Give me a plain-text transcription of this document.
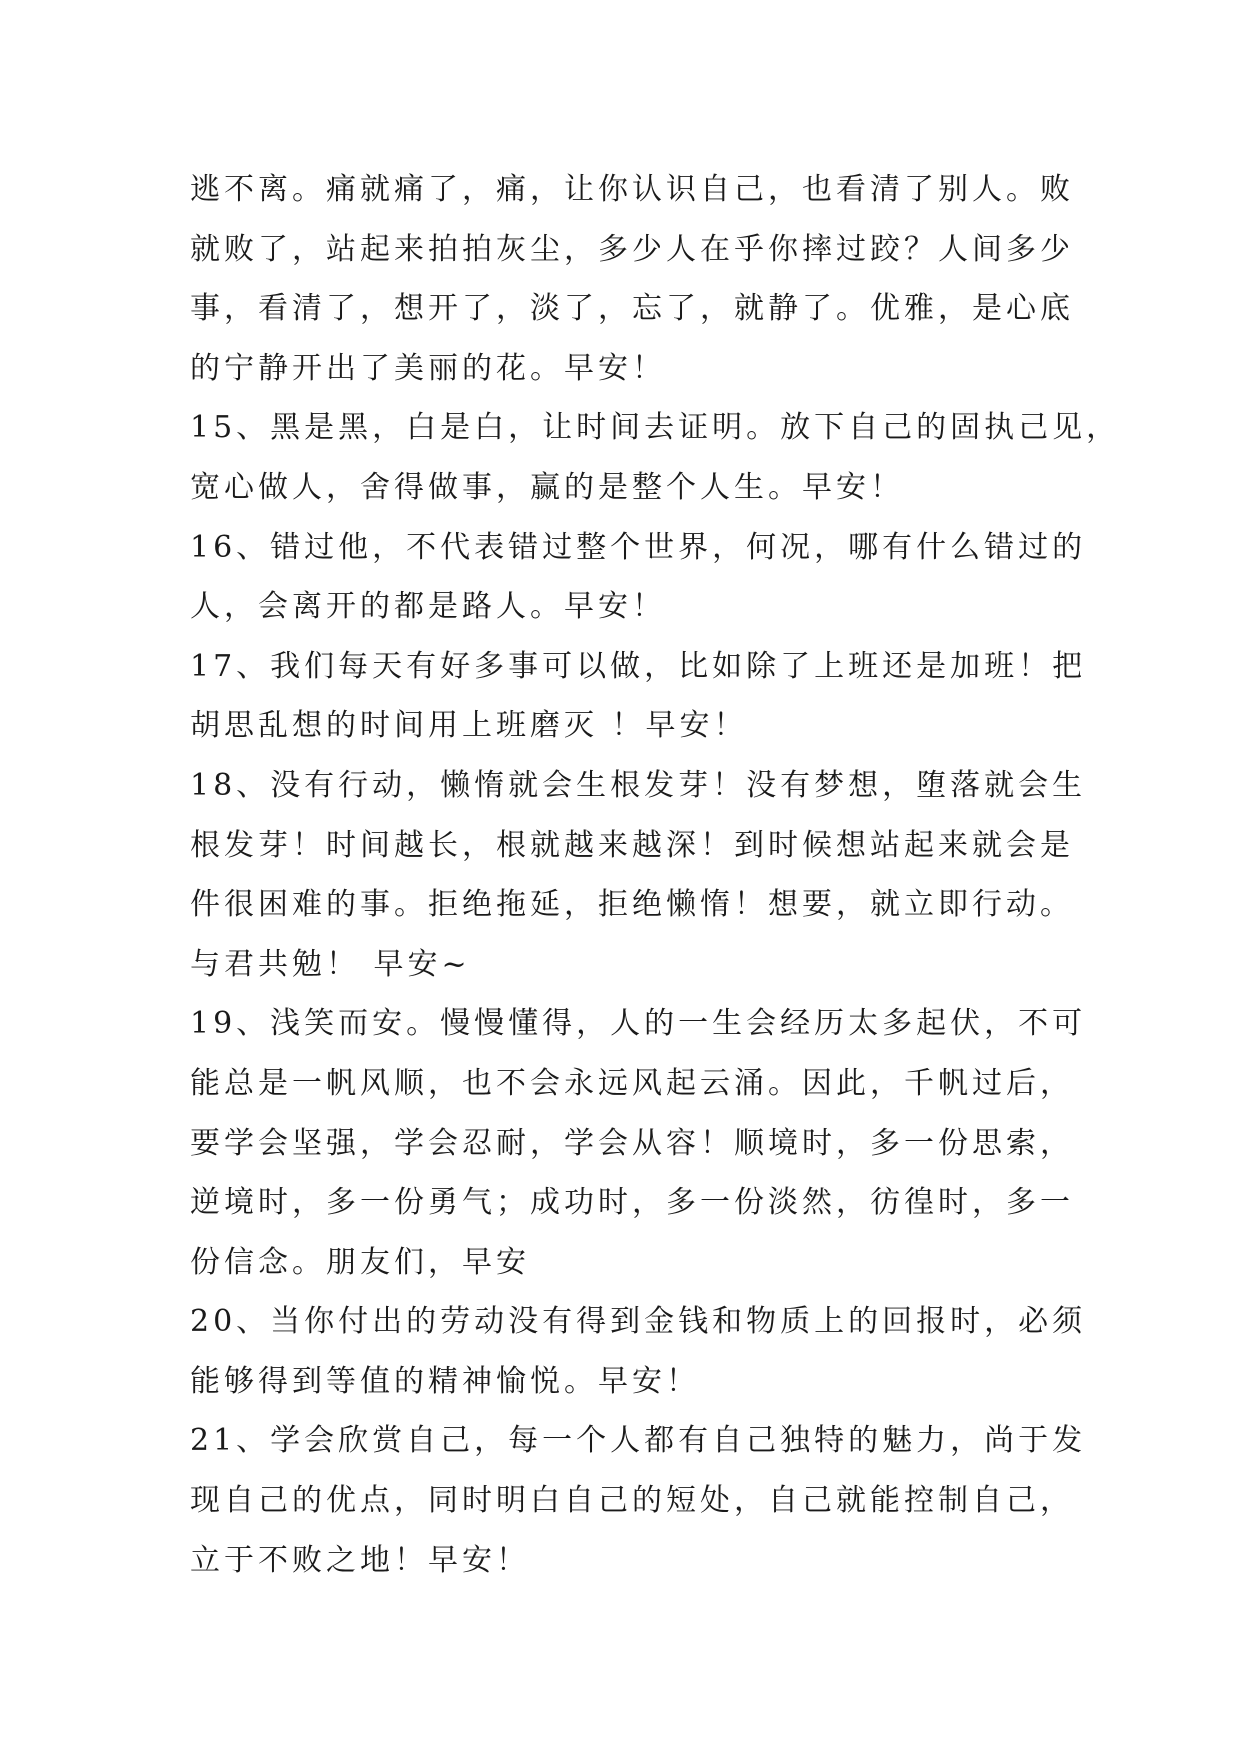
逃不离。痛就痛了，痛，让你认识自己，也看清了别人。败
就败了，站起来拍拍灰尘，多少人在乎你摔过跤？人间多少
事，看清了，想开了，淡了，忘了，就静了。优雅，是心底
的宁静开出了美丽的花。早安！
15、黑是黑，白是白，让时间去证明。放下自己的固执己见，
宽心做人，舍得做事，赢的是整个人生。早安！
16、错过他，不代表错过整个世界，何况，哪有什么错过的
人，会离开的都是路人。早安！
17、我们每天有好多事可以做，比如除了上班还是加班！把
胡思乱想的时间用上班磨灭 ！早安！
18、没有行动，懒惰就会生根发芽！没有梦想，堕落就会生
根发芽！时间越长，根就越来越深！到时候想站起来就会是
件很困难的事。拒绝拖延，拒绝懒惰！想要，就立即行动。
与君共勉！ 早安~
19、浅笑而安。慢慢懂得，人的一生会经历太多起伏，不可
能总是一帆风顺，也不会永远风起云涌。因此，千帆过后，
要学会坚强，学会忍耐，学会从容！顺境时，多一份思索，
逆境时，多一份勇气；成功时，多一份淡然，彷徨时，多一
份信念。朋友们，早安
20、当你付出的劳动没有得到金钱和物质上的回报时，必须
能够得到等值的精神愉悦。早安！
21、学会欣赏自己，每一个人都有自己独特的魅力，尚于发
现自己的优点，同时明白自己的短处，自己就能控制自己，
立于不败之地！早安！
